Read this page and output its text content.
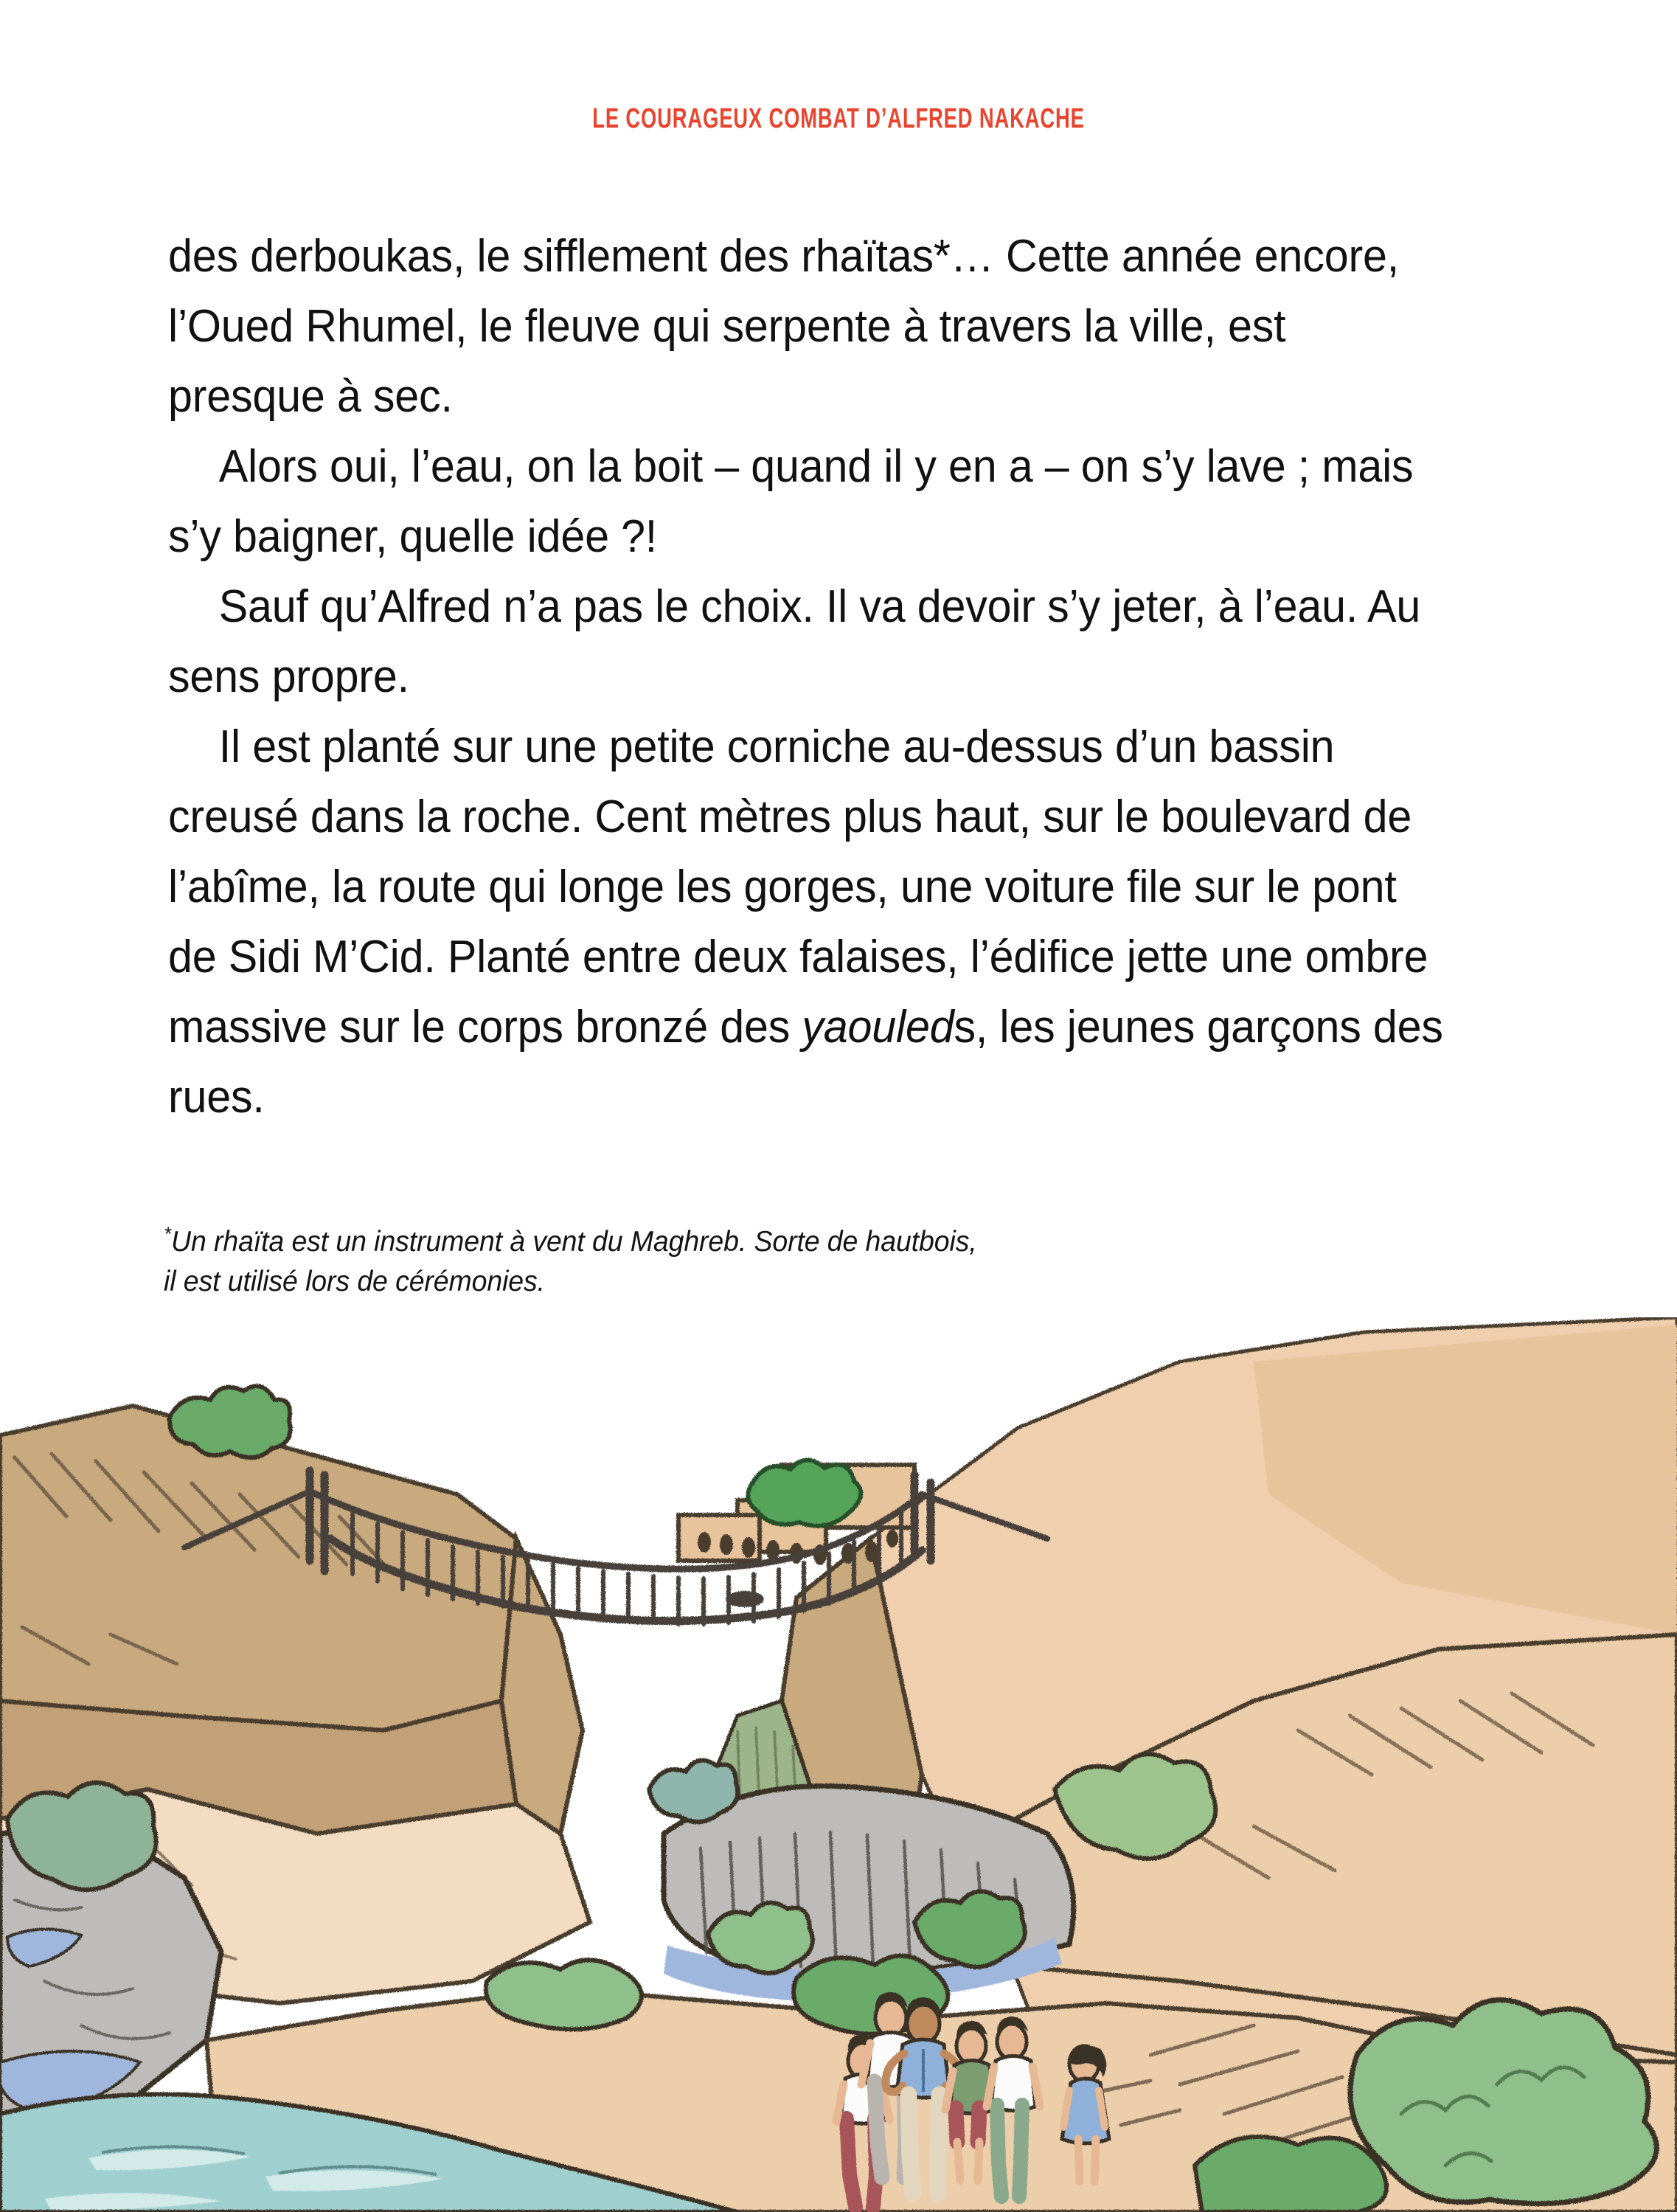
LE COURAGEUX COMBAT D’ALFRED NAKACHE

des derboukas, le sifflement des rhaïtas*… Cette année encore, l’Oued Rhumel, le fleuve qui serpente à travers la ville, est presque à sec.

Alors oui, l’eau, on la boit – quand il y en a – on s’y lave ; mais s’y baigner, quelle idée ?!

Sauf qu’Alfred n’a pas le choix. Il va devoir s’y jeter, à l’eau. Au sens propre.

Il est planté sur une petite corniche au-dessus d’un bassin creusé dans la roche. Cent mètres plus haut, sur le boulevard de l’abîme, la route qui longe les gorges, une voiture file sur le pont de Sidi M’Cid. Planté entre deux falaises, l’édifice jette une ombre massive sur le corps bronzé des yaouleds, les jeunes garçons des rues.

*Un rhaïta est un instrument à vent du Maghreb. Sorte de hautbois,
il est utilisé lors de cérémonies.
